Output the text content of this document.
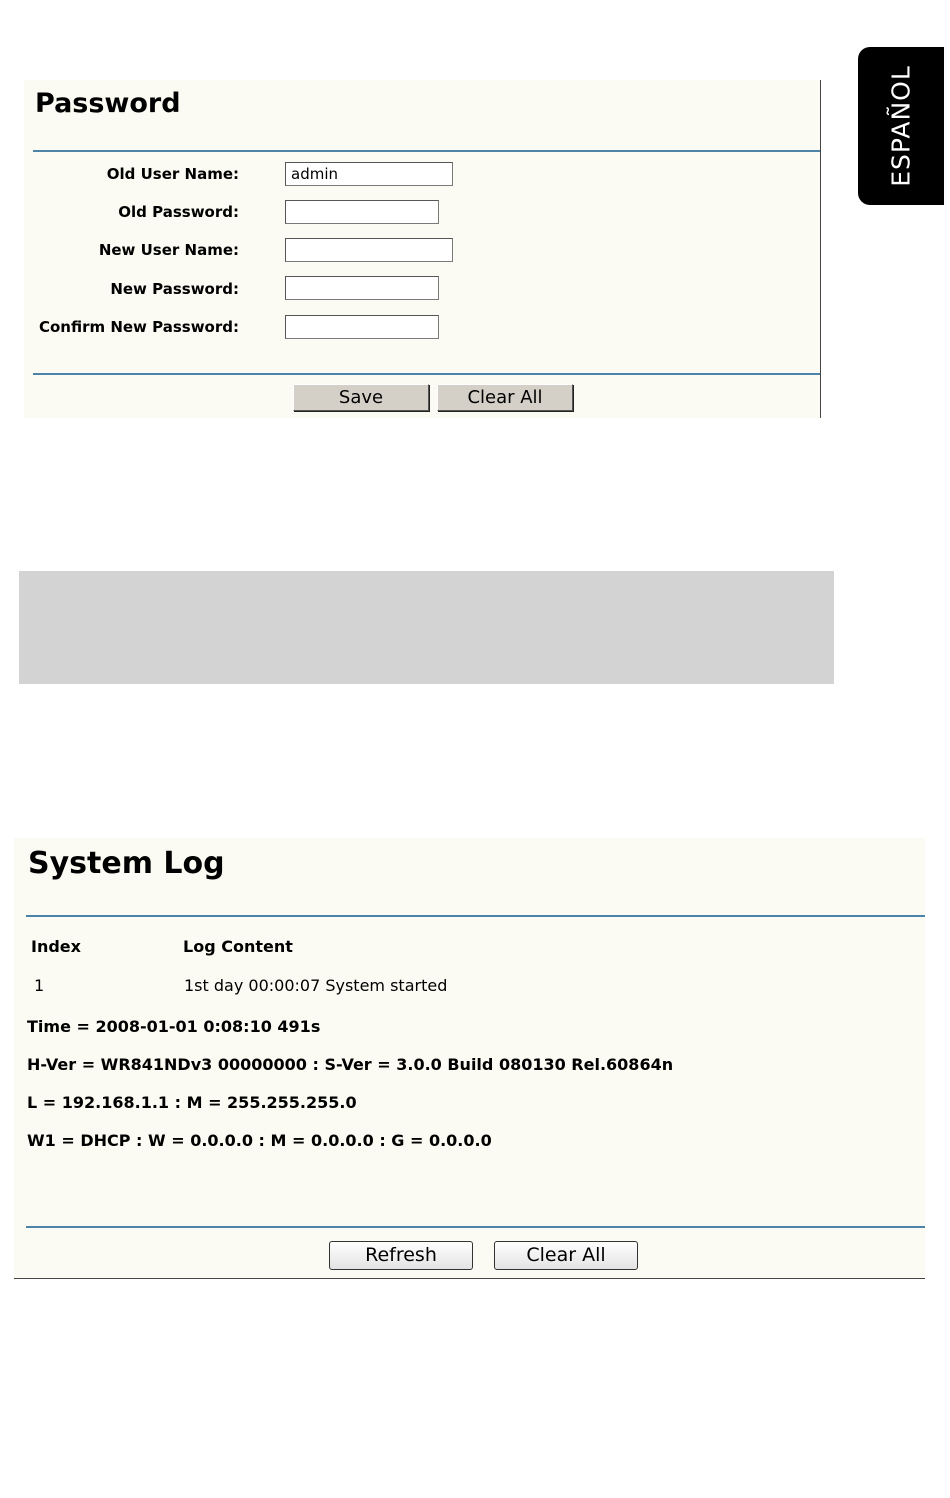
ESPAÑOL
Password
Old User Name:	admin
Old Password:
New User Name:
New Password:
Confirm New Password:
Save	Clear All
System Log
Index	Log Content
1	1st day 00:00:07 System started
Time = 2008-01-01 0:08:10 491s
H-Ver = WR841NDv3 00000000 : S-Ver = 3.0.0 Build 080130 Rel.60864n
L = 192.168.1.1 : M = 255.255.255.0
W1 = DHCP : W = 0.0.0.0 : M = 0.0.0.0 : G = 0.0.0.0
Refresh	Clear All
